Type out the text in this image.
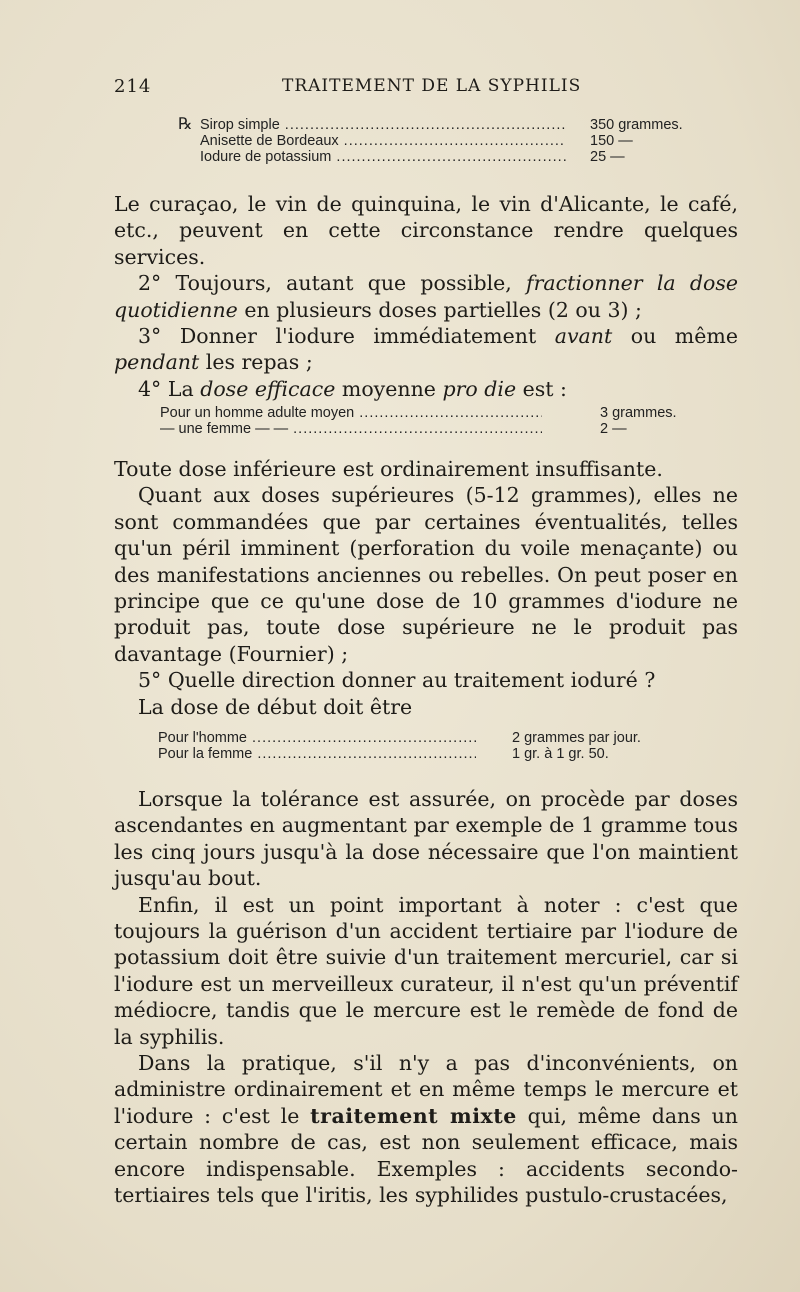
214	TRAITEMENT DE LA SYPHILIS
℞ Sirop simple .....	350 grammes.
Anisette de Bordeaux .....	150 —
Iodure de potassium .....	25 —

Le curaçao, le vin de quinquina, le vin d'Alicante, le café, etc., peuvent en cette circonstance rendre quelques services.

2° Toujours, autant que possible, fractionner la dose quotidienne en plusieurs doses partielles (2 ou 3) ;

3° Donner l'iodure immédiatement avant ou même pendant les repas ;

4° La dose efficace moyenne pro die est :

Pour un homme adulte moyen .....	3 grammes.
— une femme — — .....	2 —

Toute dose inférieure est ordinairement insuffisante.

Quant aux doses supérieures (5-12 grammes), elles ne sont commandées que par certaines éventualités, telles qu'un péril imminent (perforation du voile menaçante) ou des manifestations anciennes ou rebelles. On peut poser en principe que ce qu'une dose de 10 grammes d'iodure ne produit pas, toute dose supérieure ne le produit pas davantage (Fournier) ;

5° Quelle direction donner au traitement ioduré ?

La dose de début doit être

Pour l'homme .....	2 grammes par jour.
Pour la femme .....	1 gr. à 1 gr. 50.

Lorsque la tolérance est assurée, on procède par doses ascendantes en augmentant par exemple de 1 gramme tous les cinq jours jusqu'à la dose nécessaire que l'on maintient jusqu'au bout.

Enfin, il est un point important à noter : c'est que toujours la guérison d'un accident tertiaire par l'iodure de potassium doit être suivie d'un traitement mercuriel, car si l'iodure est un merveilleux curateur, il n'est qu'un préventif médiocre, tandis que le mercure est le remède de fond de la syphilis.

Dans la pratique, s'il n'y a pas d'inconvénients, on administre ordinairement et en même temps le mercure et l'iodure : c'est le traitement mixte qui, même dans un certain nombre de cas, est non seulement efficace, mais encore indispensable. Exemples : accidents secondo-tertiaires tels que l'iritis, les syphilides pustulo-crustacées,
